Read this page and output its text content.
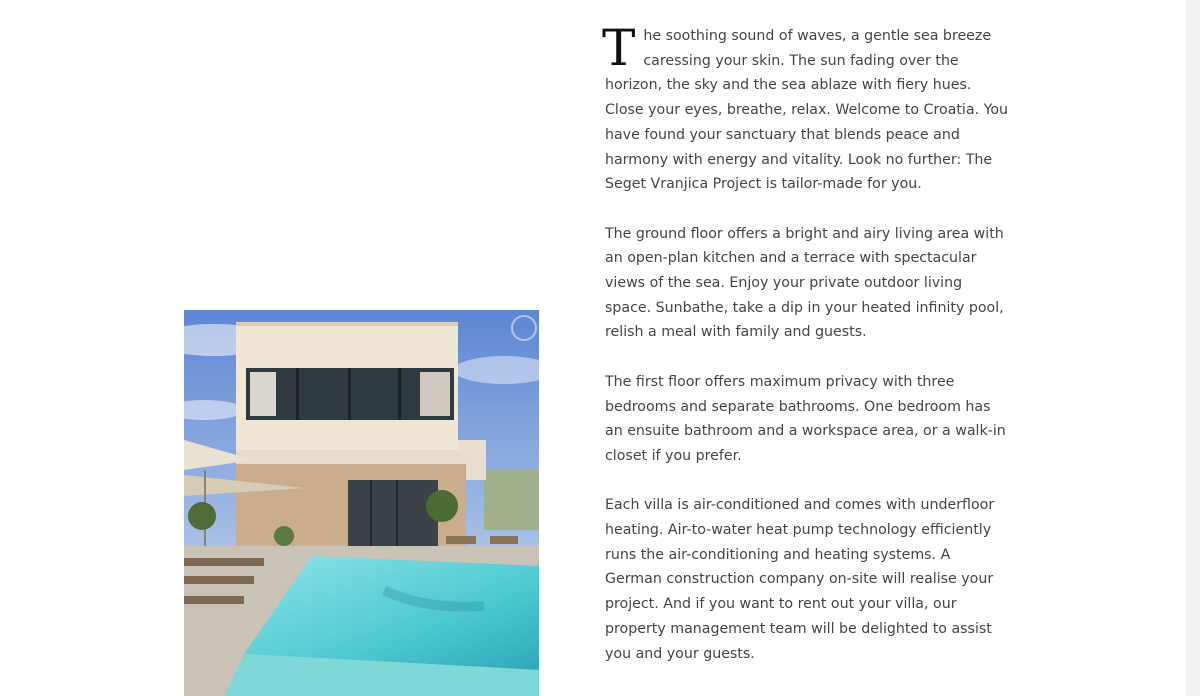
The soothing sound of waves, a gentle sea breeze caressing your skin. The sun fading over the horizon, the sky and the sea ablaze with fiery hues. Close your eyes, breathe, relax. Welcome to Croatia. You have found your sanctuary that blends peace and harmony with energy and vitality. Look no further: The Seget Vranjica Project is tailor-made for you.

The ground floor offers a bright and airy living area with an open-plan kitchen and a terrace with spectacular views of the sea. Enjoy your private outdoor living space. Sunbathe, take a dip in your heated infinity pool, relish a meal with family and guests.

The first floor offers maximum privacy with three bedrooms and separate bathrooms. One bedroom has an ensuite bathroom and a workspace area, or a walk-in closet if you prefer.

Each villa is air-conditioned and comes with underfloor heating. Air-to-water heat pump technology efficiently runs the air-conditioning and heating systems. A German construction company on-site will realise your project. And if you want to rent out your villa, our property management team will be delighted to assist you and your guests.
